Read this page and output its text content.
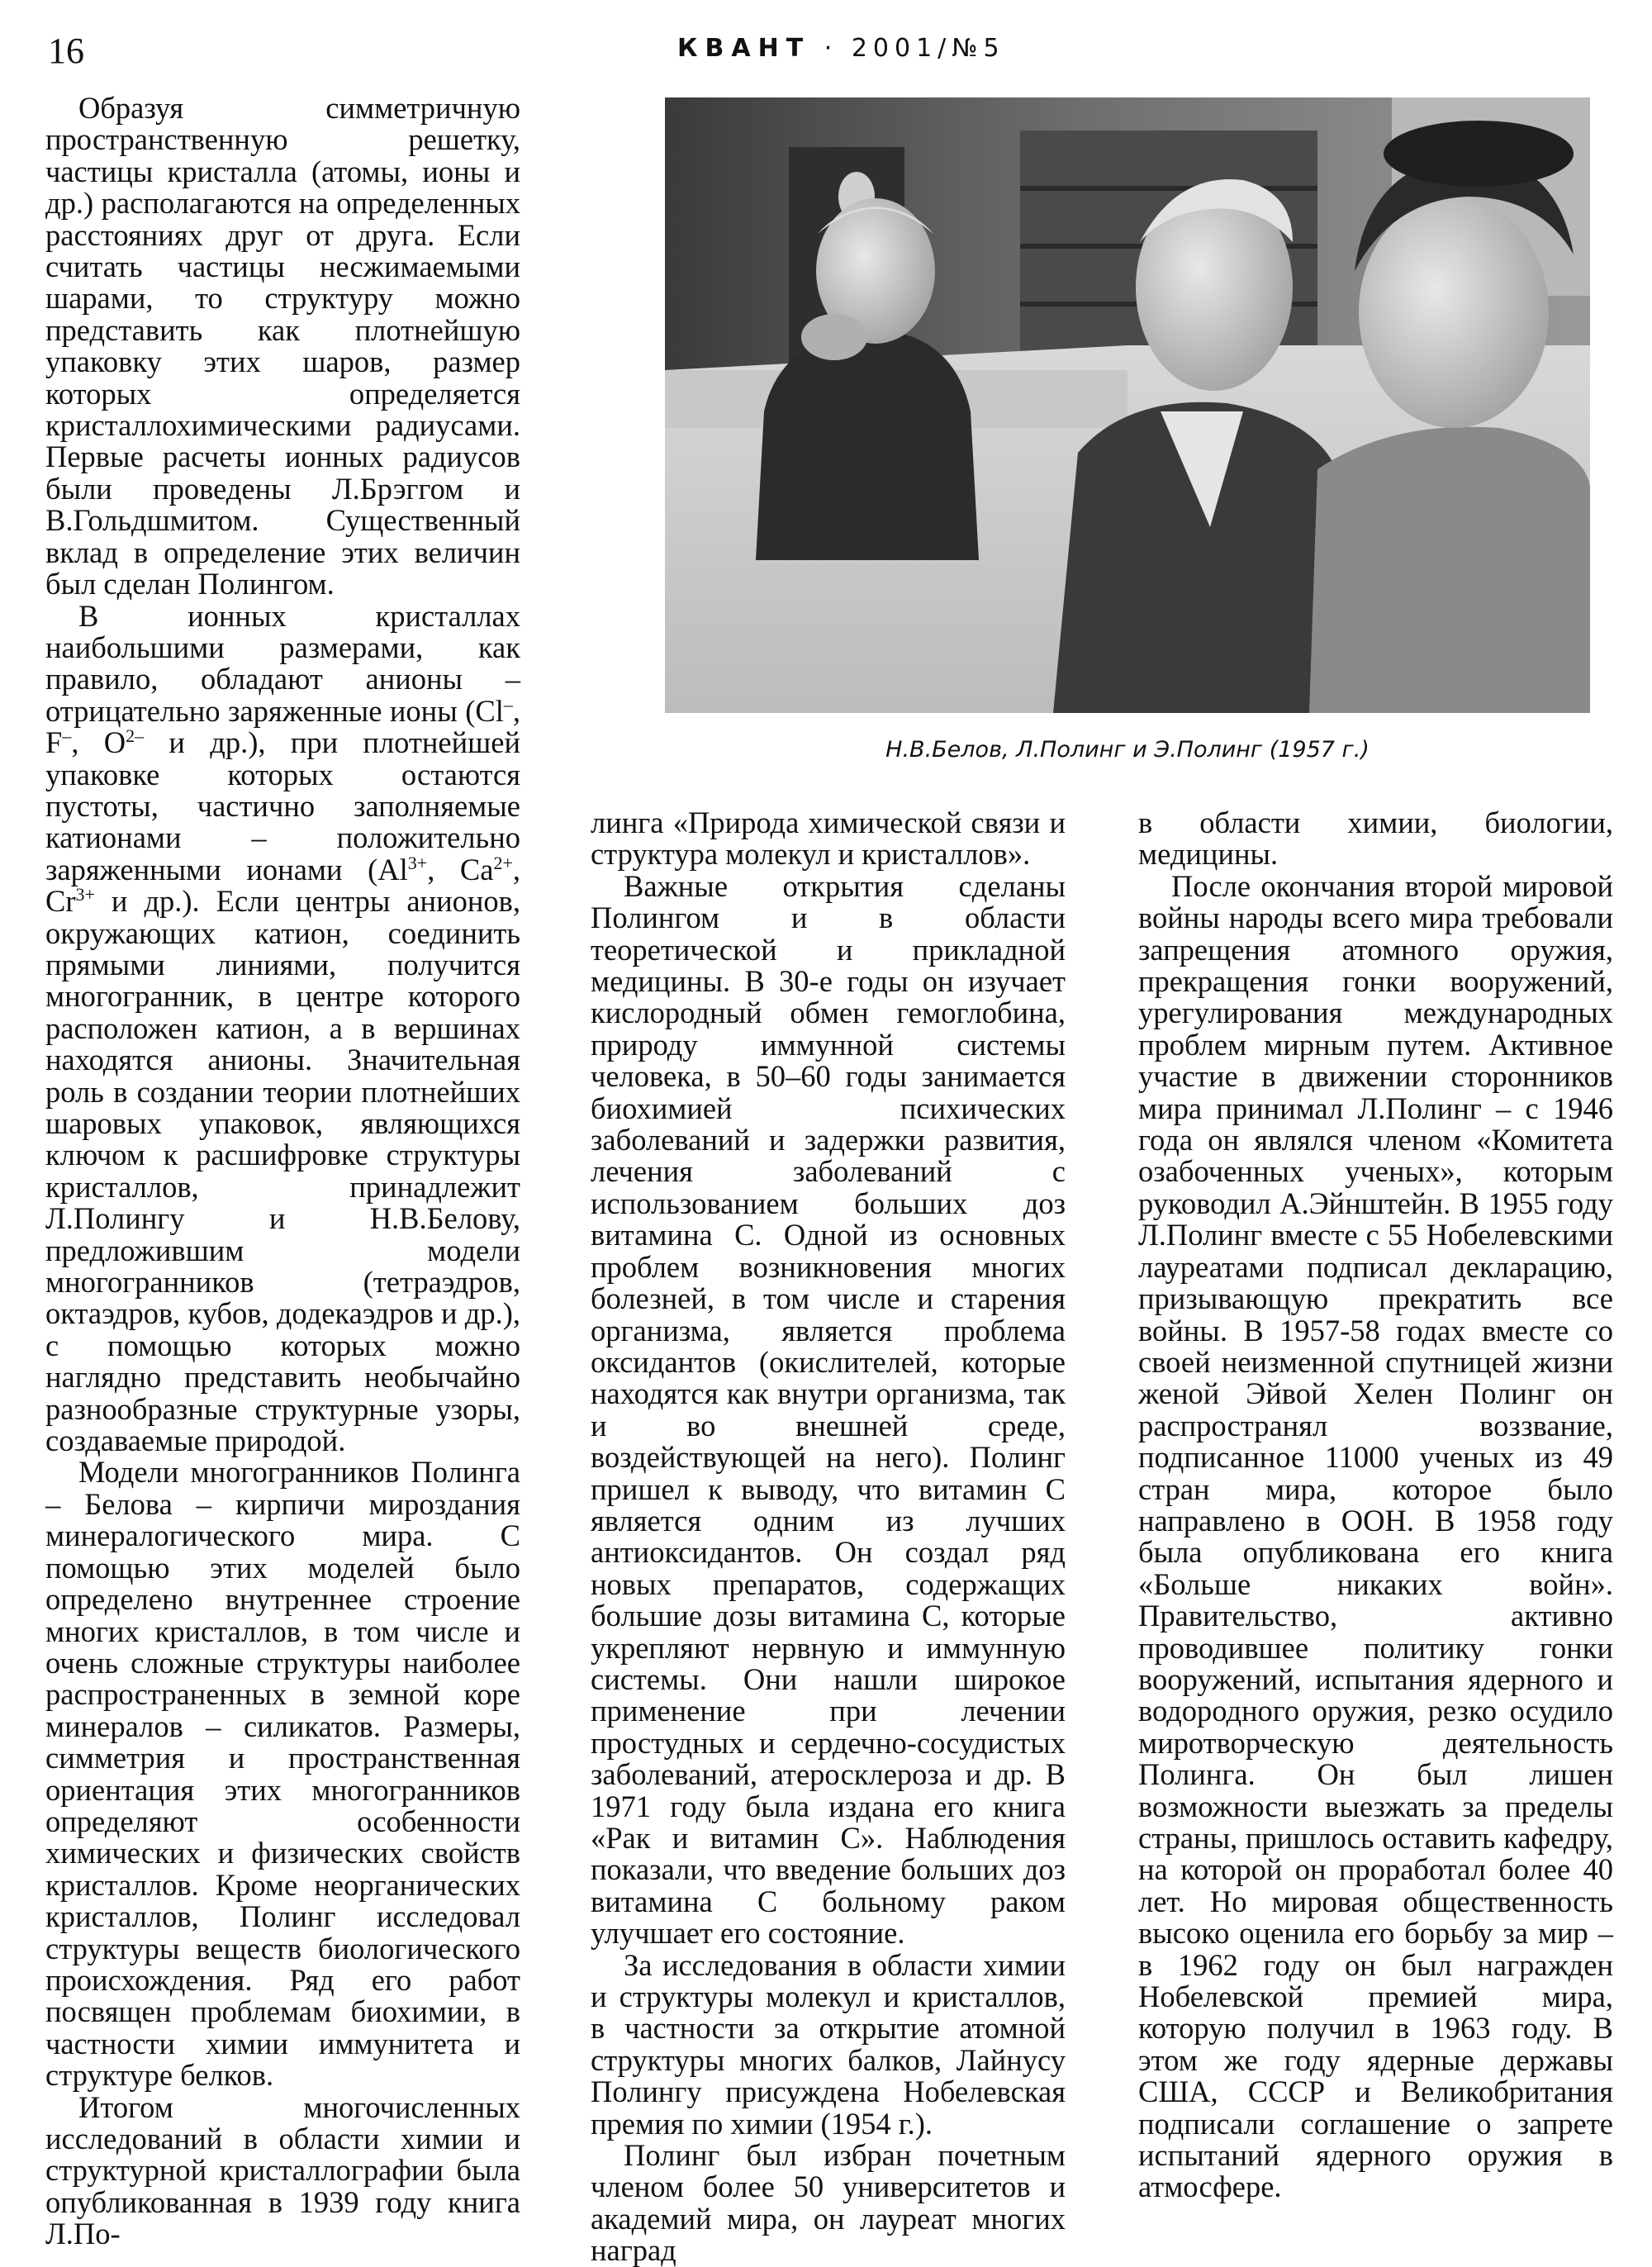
16	КВАНТ · 2001/№5

Образуя симметричную пространственную решетку, частицы кристалла (атомы, ионы и др.) располагаются на определенных расстояниях друг от друга. Если считать частицы несжимаемыми шарами, то структуру можно представить как плотнейшую упаковку этих шаров, размер которых определяется кристаллохимическими радиусами. Первые расчеты ионных радиусов были проведены Л.Брэггом и В.Гольдшмитом. Существенный вклад в определение этих величин был сделан Полингом.

В ионных кристаллах наибольшими размерами, как правило, обладают анионы – отрицательно заряженные ионы (Cl–, F–, $O^{2-}$ и др.), при плотнейшей упаковке которых остаются пустоты, частично заполняемые катионами – положительно заряженными ионами ($Al^{3+}$, $Ca^{2+}$, $Cr^{3+}$ и др.). Если центры анионов, окружающих катион, соединить прямыми линиями, получится многогранник, в центре которого расположен катион, а в вершинах находятся анионы. Значительная роль в создании теории плотнейших шаровых упаковок, являющихся ключом к расшифровке структуры кристаллов, принадлежит Л.Полингу и Н.В.Белову, предложившим модели многогранников (тетраэдров, октаэдров, кубов, додекаэдров и др.), с помощью которых можно наглядно представить необычайно разнообразные структурные узоры, создаваемые природой.

Модели многогранников Полинга – Белова – кирпичи мироздания минералогического мира. С помощью этих моделей было определено внутреннее строение многих кристаллов, в том числе и очень сложные структуры наиболее распространенных в земной коре минералов – силикатов. Размеры, симметрия и пространственная ориентация этих многогранников определяют особенности химических и физических свойств кристаллов. Кроме неорганических кристаллов, Полинг исследовал структуры веществ биологического происхождения. Ряд его работ посвящен проблемам биохимии, в частности химии иммунитета и структуре белков.

Итогом многочисленных исследований в области химии и структурной кристаллографии была опубликованная в 1939 году книга Л.По-

Н.В.Белов, Л.Полинг и Э.Полинг (1957 г.)

линга «Природа химической связи и структура молекул и кристаллов».

Важные открытия сделаны Полингом и в области теоретической и прикладной медицины. В 30-е годы он изучает кислородный обмен гемоглобина, природу иммунной системы человека, в 50–60 годы занимается биохимией психических заболеваний и задержки развития, лечения заболеваний с использованием больших доз витамина С. Одной из основных проблем возникновения многих болезней, в том числе и старения организма, является проблема оксидантов (окислителей, которые находятся как внутри организма, так и во внешней среде, воздействующей на него). Полинг пришел к выводу, что витамин С является одним из лучших антиоксидантов. Он создал ряд новых препаратов, содержащих большие дозы витамина С, которые укрепляют нервную и иммунную системы. Они нашли широкое применение при лечении простудных и сердечно-сосудистых заболеваний, атеросклероза и др. В 1971 году была издана его книга «Рак и витамин С». Наблюдения показали, что введение больших доз витамина С больному раком улучшает его состояние.

За исследования в области химии и структуры молекул и кристаллов, в частности за открытие атомной структуры многих балков, Лайнусу Полингу присуждена Нобелевская премия по химии (1954 г.).

Полинг был избран почетным членом более 50 университетов и академий мира, он лауреат многих наград

в области химии, биологии, медицины.

После окончания второй мировой войны народы всего мира требовали запрещения атомного оружия, прекращения гонки вооружений, урегулирования международных проблем мирным путем. Активное участие в движении сторонников мира принимал Л.Полинг – с 1946 года он являлся членом «Комитета озабоченных ученых», которым руководил А.Эйнштейн. В 1955 году Л.Полинг вместе с 55 Нобелевскими лауреатами подписал декларацию, призывающую прекратить все войны. В 1957-58 годах вместе со своей неизменной спутницей жизни женой Эйвой Хелен Полинг он распространял воззвание, подписанное 11000 ученых из 49 стран мира, которое было направлено в ООН. В 1958 году была опубликована его книга «Больше никаких войн». Правительство, активно проводившее политику гонки вооружений, испытания ядерного и водородного оружия, резко осудило миротворческую деятельность Полинга. Он был лишен возможности выезжать за пределы страны, пришлось оставить кафедру, на которой он проработал более 40 лет. Но мировая общественность высоко оценила его борьбу за мир – в 1962 году он был награжден Нобелевской премией мира, которую получил в 1963 году. В этом же году ядерные державы США, СССР и Великобритания подписали соглашение о запрете испытаний ядерного оружия в атмосфере.
